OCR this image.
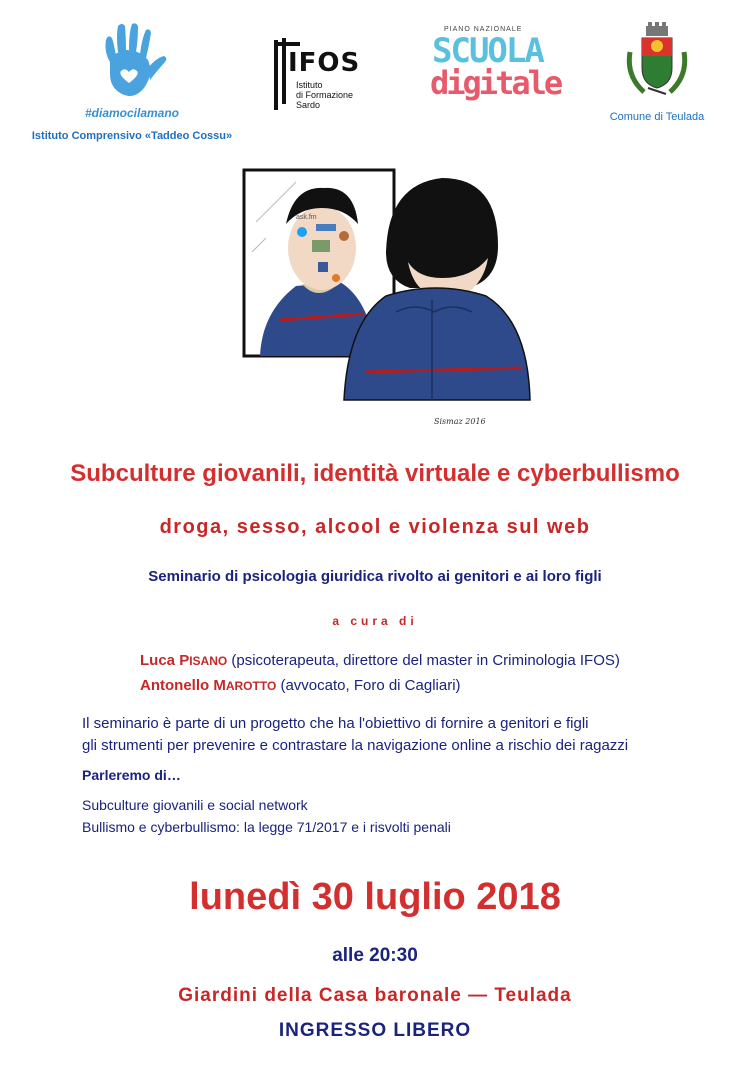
#diamocilamano
Istituto Comprensivo «Taddeo Cossu»
IFOS
Istituto
di Formazione
Sardo
PIANO NAZIONALE
SCUOLA
digitale
Comune di Teulada
Sismaz 2016
ask.fm
Subculture giovanili, identità virtuale e cyberbullismo
droga, sesso, alcool e violenza sul web
Seminario di psicologia giuridica rivolto ai genitori e ai loro figli
a cura di
Luca PISANO (psicoterapeuta, direttore del master in Criminologia IFOS)
Antonello MAROTTO (avvocato, Foro di Cagliari)
Il seminario è parte di un progetto che ha l'obiettivo di fornire a genitori e figli
gli strumenti per prevenire e contrastare la navigazione online a rischio dei ragazzi
Parleremo di…
Subculture giovanili e social network
Bullismo e cyberbullismo: la legge 71/2017 e i risvolti penali
lunedì 30 luglio 2018
alle 20:30
Giardini della Casa baronale — Teulada
INGRESSO LIBERO
